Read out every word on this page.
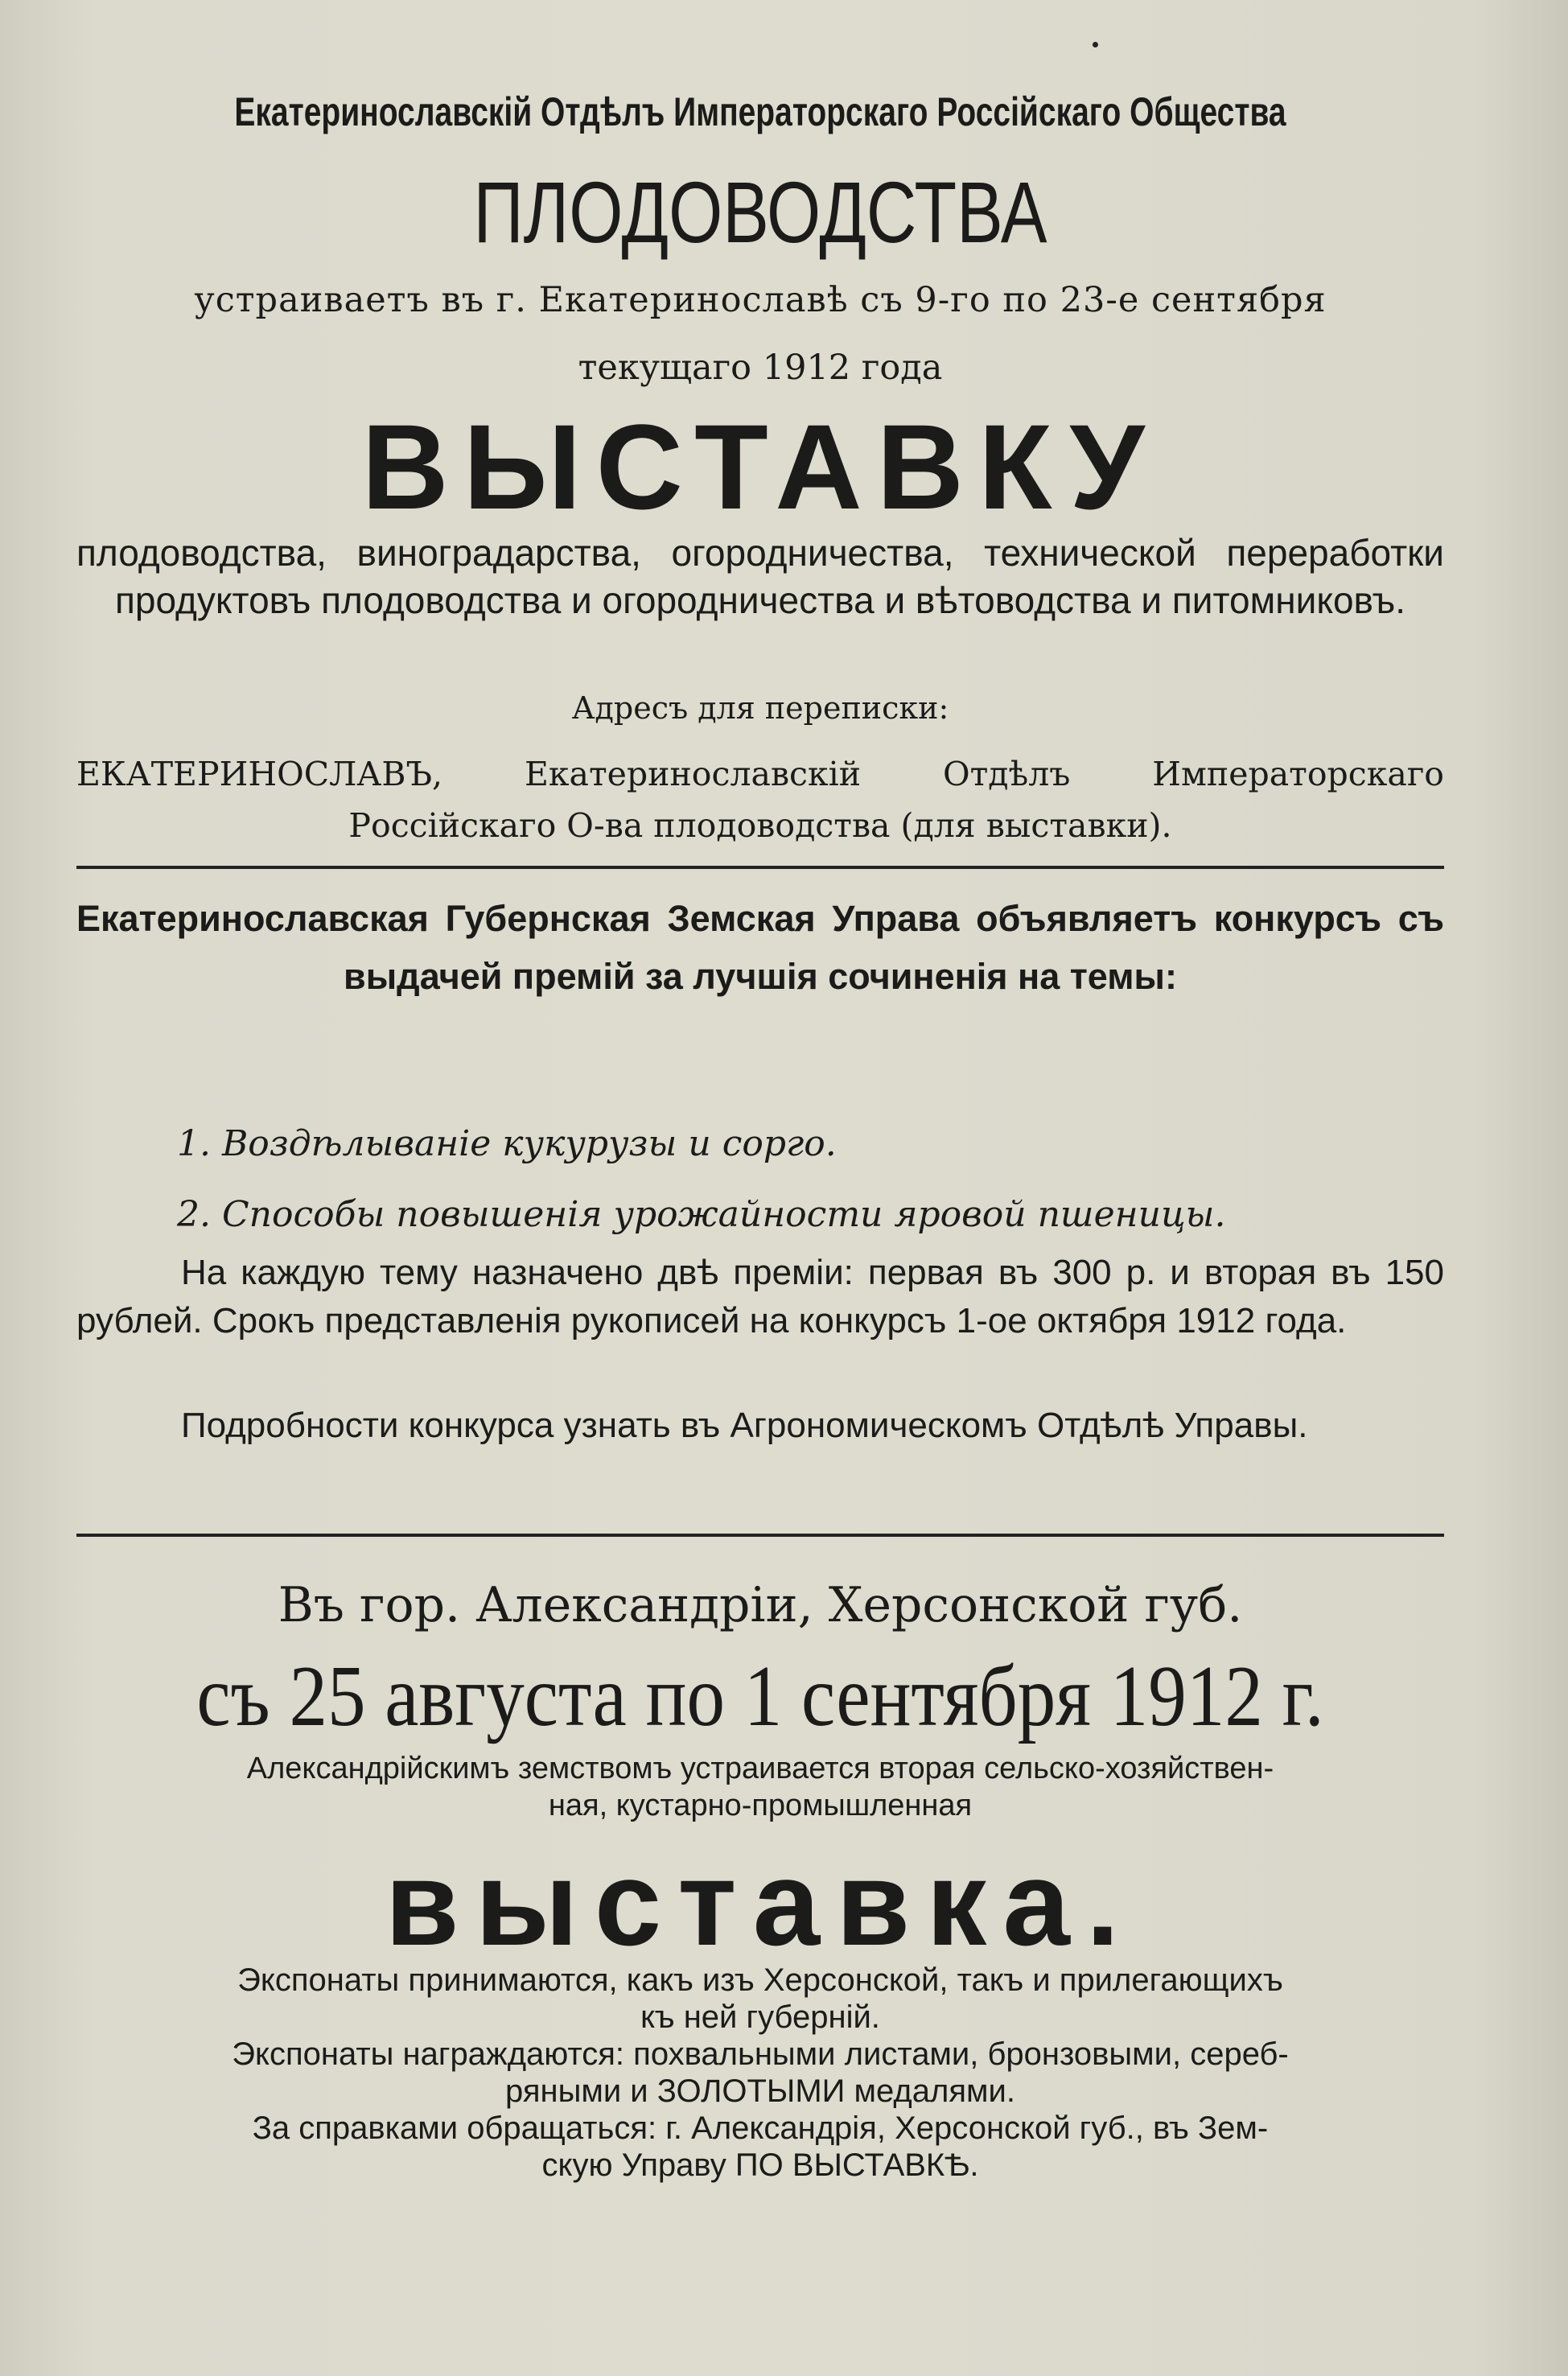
Екатеринославскій Отдѣлъ Императорскаго Россійскаго Общества
ПЛОДОВОДСТВА
устраиваетъ въ г. Екатеринославѣ съ 9-го по 23-е сентября
текущаго 1912 года
ВЫСТАВКУ
плодоводства, виноградарства, огородничества, технической переработки продуктовъ плодоводства и огородничества и вѣтоводства и питомниковъ.
Адресъ для переписки:
ЕКАТЕРИНОСЛАВЪ, Екатеринославскій Отдѣлъ Императорскаго Россійскаго О-ва плодоводства (для выставки).
Екатеринославская Губернская Земская Управа объявляетъ конкурсъ съ выдачей премій за лучшія сочиненія на темы:
1. Воздѣлываніе кукурузы и сорго.
2. Способы повышенія урожайности яровой пшеницы.
На каждую тему назначено двѣ преміи: первая въ 300 р. и вторая въ 150 рублей. Срокъ представленія рукописей на конкурсъ 1-ое октября 1912 года.
Подробности конкурса узнать въ Агрономическомъ Отдѣлѣ Управы.
Въ гор. Александріи, Херсонской губ.
съ 25 августа по 1 сентября 1912 г.
Александрійскимъ земствомъ устраивается вторая сельско-хозяйствен-
ная, кустарно-промышленная
выставка.
Экспонаты принимаются, какъ изъ Херсонской, такъ и прилегающихъ
къ ней губерній.
Экспонаты награждаются: похвальными листами, бронзовыми, сереб-
ряными и ЗОЛОТЫМИ медалями.
За справками обращаться: г. Александрія, Херсонской губ., въ Зем-
скую Управу ПО ВЫСТАВКѢ.
